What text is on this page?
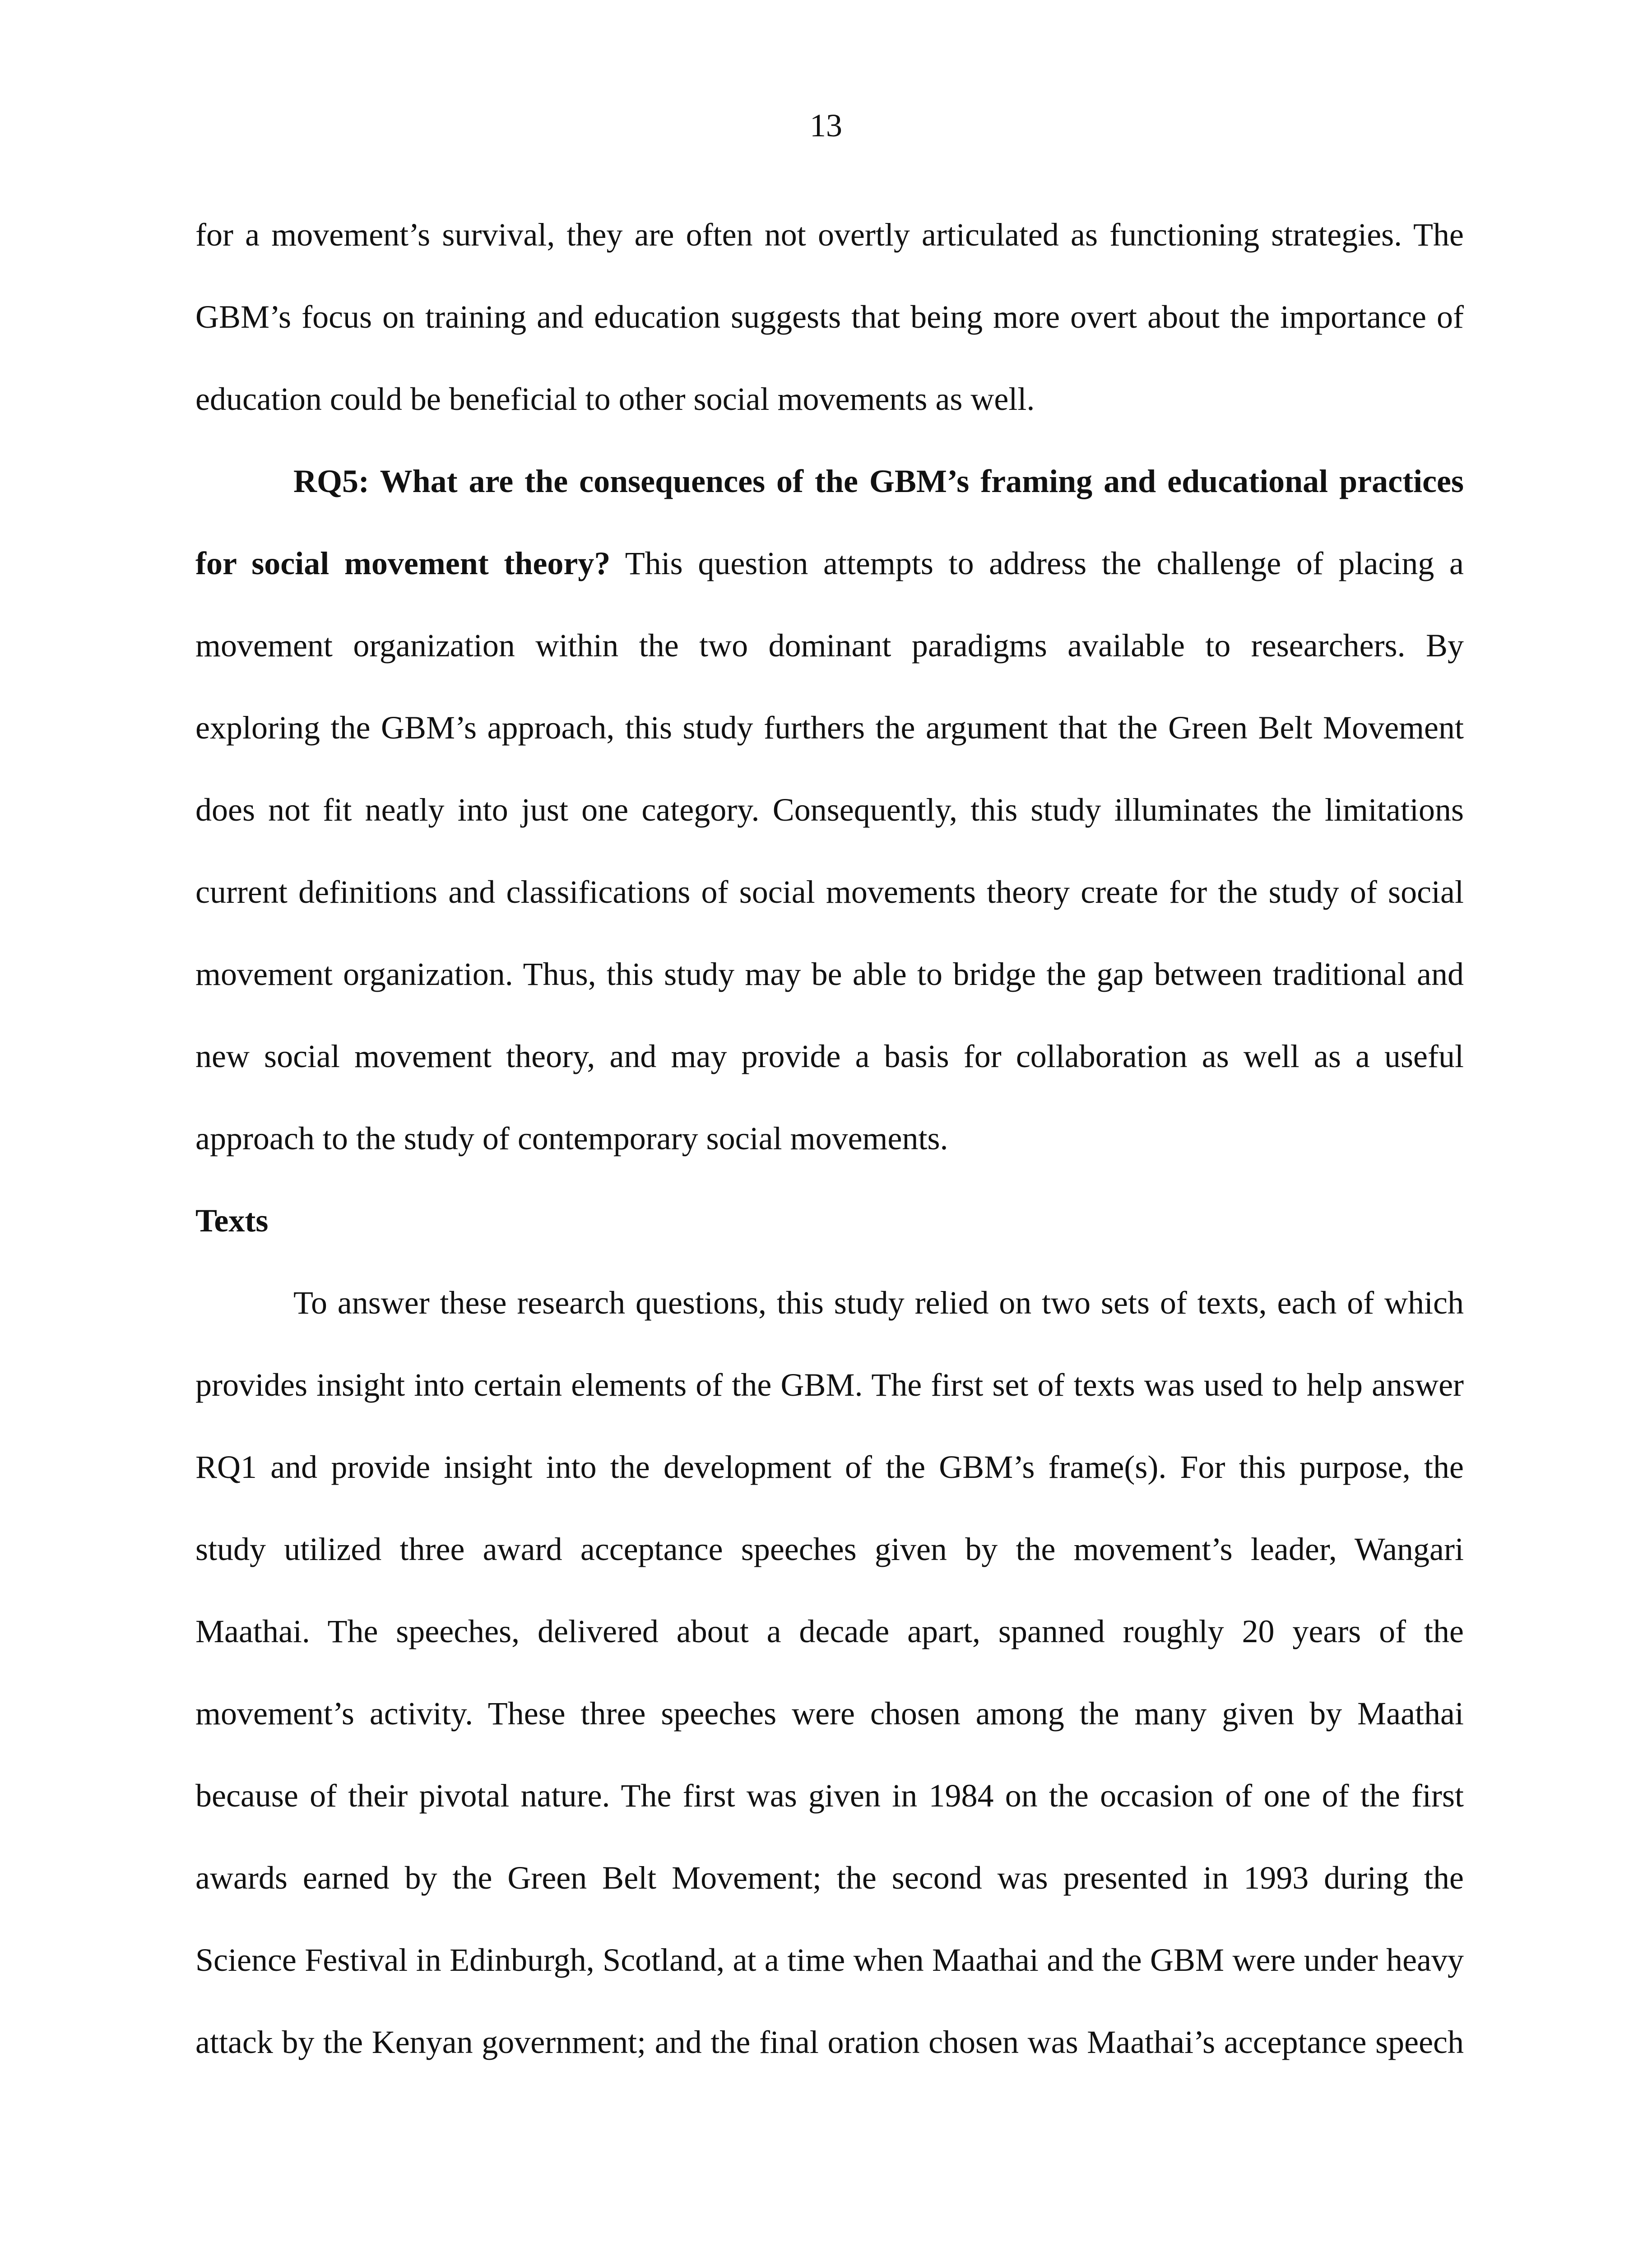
13
for a movement’s survival, they are often not overtly articulated as functioning strategies. The
GBM’s focus on training and education suggests that being more overt about the importance of
education could be beneficial to other social movements as well.
RQ5: What are the consequences of the GBM’s framing and educational practices
for social movement theory? This question attempts to address the challenge of placing a
movement organization within the two dominant paradigms available to researchers. By
exploring the GBM’s approach, this study furthers the argument that the Green Belt Movement
does not fit neatly into just one category. Consequently, this study illuminates the limitations
current definitions and classifications of social movements theory create for the study of social
movement organization. Thus, this study may be able to bridge the gap between traditional and
new social movement theory, and may provide a basis for collaboration as well as a useful
approach to the study of contemporary social movements.
Texts
To answer these research questions, this study relied on two sets of texts, each of which
provides insight into certain elements of the GBM. The first set of texts was used to help answer
RQ1 and provide insight into the development of the GBM’s frame(s). For this purpose, the
study utilized three award acceptance speeches given by the movement’s leader, Wangari
Maathai. The speeches, delivered about a decade apart, spanned roughly 20 years of the
movement’s activity. These three speeches were chosen among the many given by Maathai
because of their pivotal nature. The first was given in 1984 on the occasion of one of the first
awards earned by the Green Belt Movement; the second was presented in 1993 during the
Science Festival in Edinburgh, Scotland, at a time when Maathai and the GBM were under heavy
attack by the Kenyan government; and the final oration chosen was Maathai’s acceptance speech
